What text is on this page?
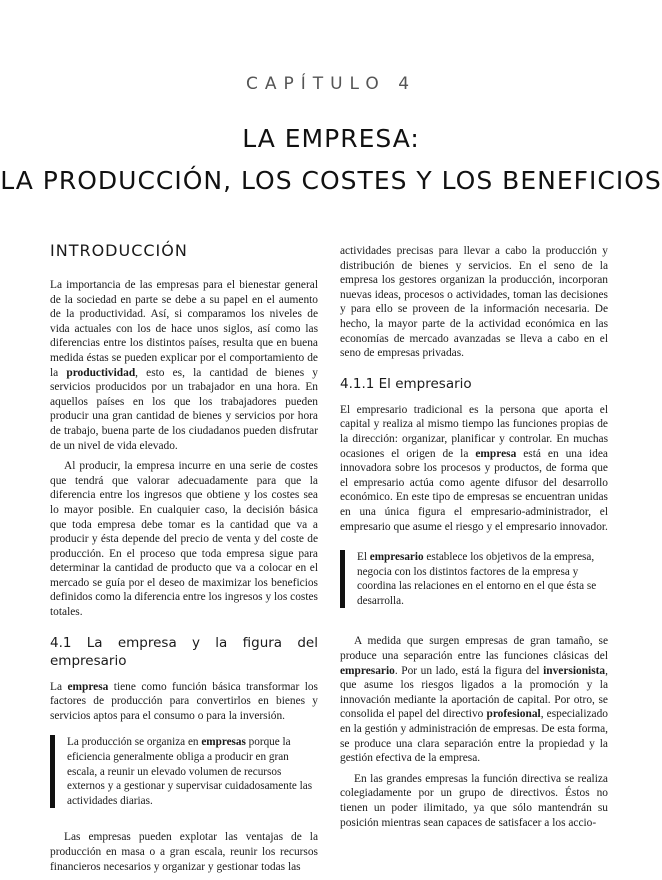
CAPÍTULO 4
LA EMPRESA:
LA PRODUCCIÓN, LOS COSTES Y LOS BENEFICIOS
INTRODUCCIÓN

La importancia de las empresas para el bienestar general de la sociedad en parte se debe a su papel en el aumento de la productividad. Así, si comparamos los niveles de vida actuales con los de hace unos siglos, así como las diferencias entre los distintos países, resulta que en buena medida éstas se pueden explicar por el comportamiento de la productividad, esto es, la cantidad de bienes y servicios producidos por un trabajador en una hora. En aquellos países en los que los trabajadores pueden producir una gran cantidad de bienes y servicios por hora de trabajo, buena parte de los ciudadanos pueden disfrutar de un nivel de vida elevado.

Al producir, la empresa incurre en una serie de costes que tendrá que valorar adecuadamente para que la diferencia entre los ingresos que obtiene y los costes sea lo mayor posible. En cualquier caso, la decisión básica que toda empresa debe tomar es la cantidad que va a producir y ésta depende del precio de venta y del coste de producción. En el proceso que toda empresa sigue para determinar la cantidad de producto que va a colocar en el mercado se guía por el deseo de maximizar los beneficios definidos como la diferencia entre los ingresos y los costes totales.

4.1 La empresa y la figura del empresario

La empresa tiene como función básica transformar los factores de producción para convertirlos en bienes y servicios aptos para el consumo o para la inversión.

La producción se organiza en empresas porque la eficiencia generalmente obliga a producir en gran escala, a reunir un elevado volumen de recursos externos y a gestionar y supervisar cuidadosamente las actividades diarias.

Las empresas pueden explotar las ventajas de la producción en masa o a gran escala, reunir los recursos financieros necesarios y organizar y gestionar todas las

actividades precisas para llevar a cabo la producción y distribución de bienes y servicios. En el seno de la empresa los gestores organizan la producción, incorporan nuevas ideas, procesos o actividades, toman las decisiones y para ello se proveen de la información necesaria. De hecho, la mayor parte de la actividad económica en las economías de mercado avanzadas se lleva a cabo en el seno de empresas privadas.

4.1.1 El empresario

El empresario tradicional es la persona que aporta el capital y realiza al mismo tiempo las funciones propias de la dirección: organizar, planificar y controlar. En muchas ocasiones el origen de la empresa está en una idea innovadora sobre los procesos y productos, de forma que el empresario actúa como agente difusor del desarrollo económico. En este tipo de empresas se encuentran unidas en una única figura el empresario-administrador, el empresario que asume el riesgo y el empresario innovador.

El empresario establece los objetivos de la empresa, negocia con los distintos factores de la empresa y coordina las relaciones en el entorno en el que ésta se desarrolla.

A medida que surgen empresas de gran tamaño, se produce una separación entre las funciones clásicas del empresario. Por un lado, está la figura del inversionista, que asume los riesgos ligados a la promoción y la innovación mediante la aportación de capital. Por otro, se consolida el papel del directivo profesional, especializado en la gestión y administración de empresas. De esta forma, se produce una clara separación entre la propiedad y la gestión efectiva de la empresa.

En las grandes empresas la función directiva se realiza colegiadamente por un grupo de directivos. Éstos no tienen un poder ilimitado, ya que sólo mantendrán su posición mientras sean capaces de satisfacer a los accio-
